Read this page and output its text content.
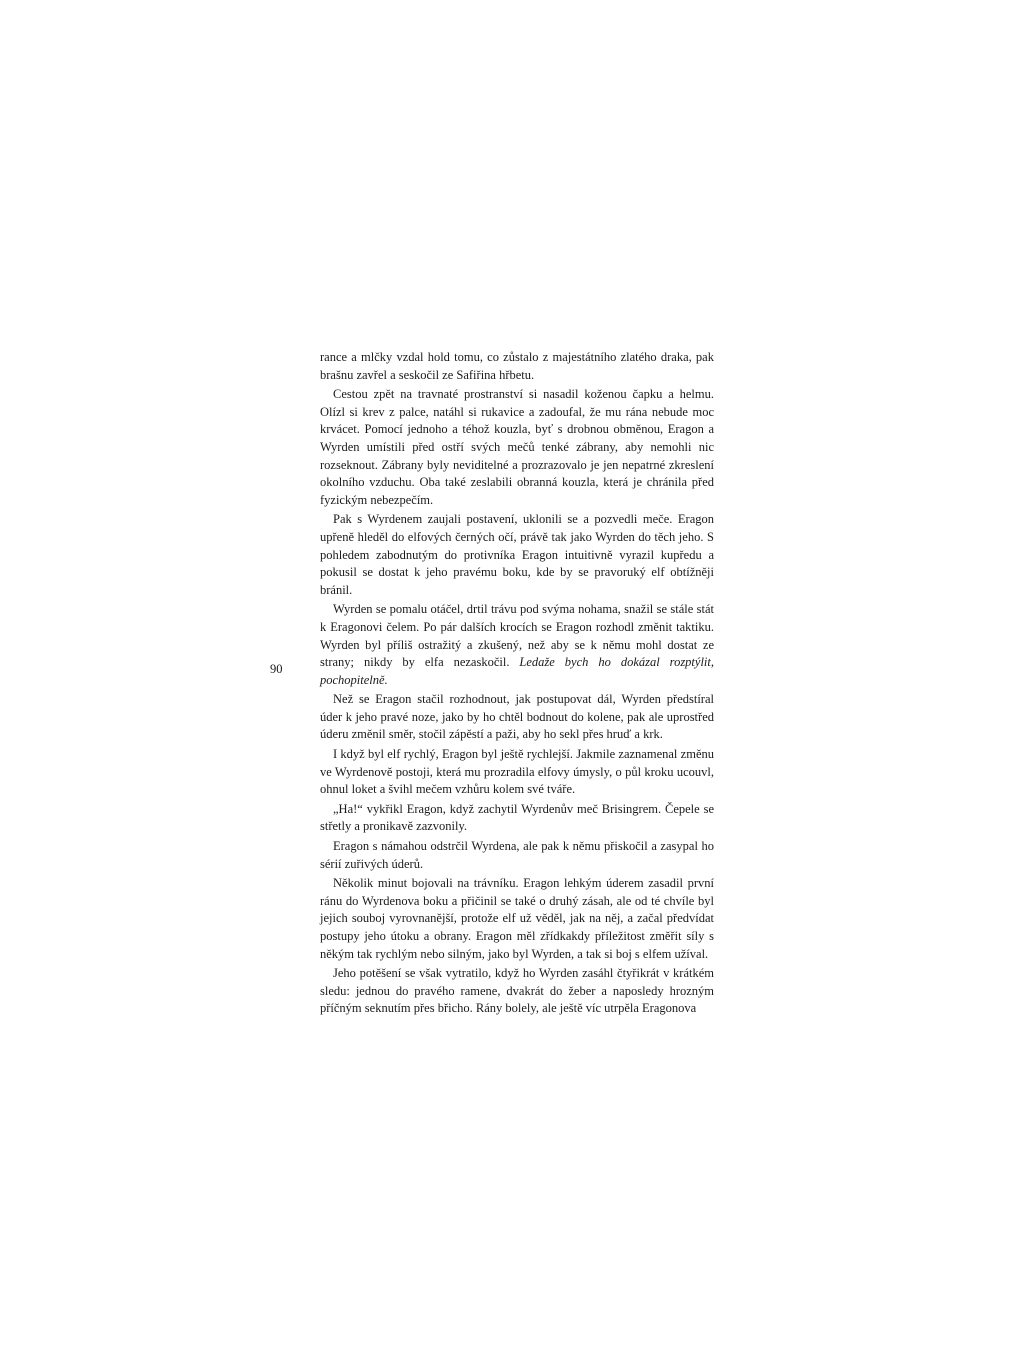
90

rance a mlčky vzdal hold tomu, co zůstalo z majestátního zlatého draka, pak brašnu zavřel a seskočil ze Safiřina hřbetu.

Cestou zpět na travnaté prostranství si nasadil koženou čapku a helmu. Olízl si krev z palce, natáhl si rukavice a zadoufal, že mu rána nebude moc krvácet. Pomocí jednoho a téhož kouzla, byť s drobnou obměnou, Eragon a Wyrden umístili před ostří svých mečů tenké zábrany, aby nemohli nic rozseknout. Zábrany byly neviditelné a prozrazovalo je jen nepatrné zkreslení okolního vzduchu. Oba také zeslabili obranná kouzla, která je chránila před fyzickým nebezpečím.

Pak s Wyrdenem zaujali postavení, uklonili se a pozvedli meče. Eragon upřeně hleděl do elfových černých očí, právě tak jako Wyrden do těch jeho. S pohledem zabodnutým do protivníka Eragon intuitivně vyrazil kupředu a pokusil se dostat k jeho pravému boku, kde by se pravoruký elf obtížněji bránil.

Wyrden se pomalu otáčel, drtil trávu pod svýma nohama, snažil se stále stát k Eragonovi čelem. Po pár dalších krocích se Eragon rozhodl změnit taktiku. Wyrden byl příliš ostražitý a zkušený, než aby se k němu mohl dostat ze strany; nikdy by elfa nezaskočil. Ledaže bych ho dokázal rozptýlit, pochopitelně.

Než se Eragon stačil rozhodnout, jak postupovat dál, Wyrden předstíral úder k jeho pravé noze, jako by ho chtěl bodnout do kolene, pak ale uprostřed úderu změnil směr, stočil zápěstí a paži, aby ho sekl přes hruď a krk.

I když byl elf rychlý, Eragon byl ještě rychlejší. Jakmile zaznamenal změnu ve Wyrdenově postoji, která mu prozradila elfovy úmysly, o půl kroku ucouvl, ohnul loket a švihl mečem vzhůru kolem své tváře.

„Ha!“ vykřikl Eragon, když zachytil Wyrdenův meč Brisingrem. Čepele se střetly a pronikavě zazvonily.

Eragon s námahou odstrčil Wyrdena, ale pak k němu přiskočil a zasypal ho sérií zuřivých úderů.

Několik minut bojovali na trávníku. Eragon lehkým úderem zasadil první ránu do Wyrdenova boku a přičinil se také o druhý zásah, ale od té chvíle byl jejich souboj vyrovnanější, protože elf už věděl, jak na něj, a začal předvídat postupy jeho útoku a obrany. Eragon měl zřídkakdy příležitost změřit síly s někým tak rychlým nebo silným, jako byl Wyrden, a tak si boj s elfem užíval.

Jeho potěšení se však vytratilo, když ho Wyrden zasáhl čtyřikrát v krátkém sledu: jednou do pravého ramene, dvakrát do žeber a naposledy hrozným příčným seknutím přes břicho. Rány bolely, ale ještě víc utrpěla Eragonova
